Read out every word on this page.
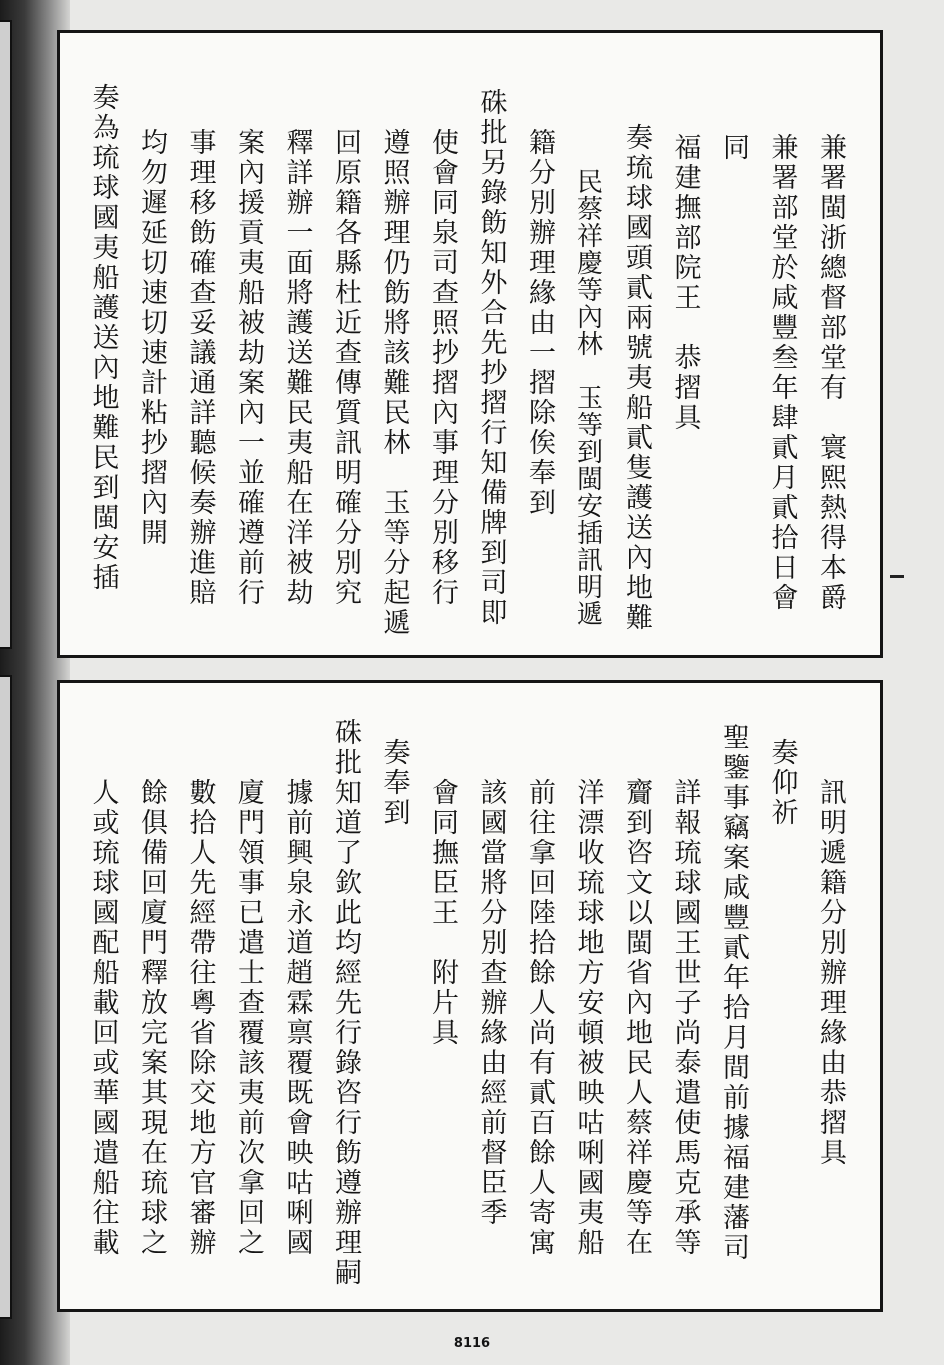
兼署閩浙總督部堂有　寰熙熱得本爵
兼署部堂於咸豐叁年肆貳月貳拾日會
同
福建撫部院王　恭摺具
奏琉球國頭貳兩號夷船貳隻護送內地難
民蔡祥慶等內林　玉等到閩安插訊明遞
籍分別辦理緣由一摺除俟奉到
硃批另錄飭知外合先抄摺行知備牌到司即
使會同泉司查照抄摺內事理分別移行
遵照辦理仍飭將該難民林　玉等分起遞
回原籍各縣杜近查傳質訊明確分別究
釋詳辦一面將護送難民夷船在洋被劫
案內援貢夷船被劫案內一並確遵前行
事理移飭確查妥議通詳聽候奏辦進賠
均勿遲延切速切速計粘抄摺內開
奏為琉球國夷船護送內地難民到閩安插
訊明遞籍分別辦理緣由恭摺具
奏仰祈
聖鑒事竊案咸豐貳年拾月間前據福建藩司
詳報琉球國王世子尚泰遣使馬克承等
齎到咨文以閩省內地民人蔡祥慶等在
洋漂收琉球地方安頓被映咕唎國夷船
前往拿回陸拾餘人尚有貳百餘人寄寓
該國當將分別查辦緣由經前督臣季
會同撫臣王　附片具
奏奉到
硃批知道了欽此均經先行錄咨行飭遵辦理嗣
據前興泉永道趙霖禀覆既會映咕唎國
廈門領事已遣士查覆該夷前次拿回之
數拾人先經帶往粵省除交地方官審辦
餘俱備回廈門釋放完案其現在琉球之
人或琉球國配船載回或華國遣船往載
8116
